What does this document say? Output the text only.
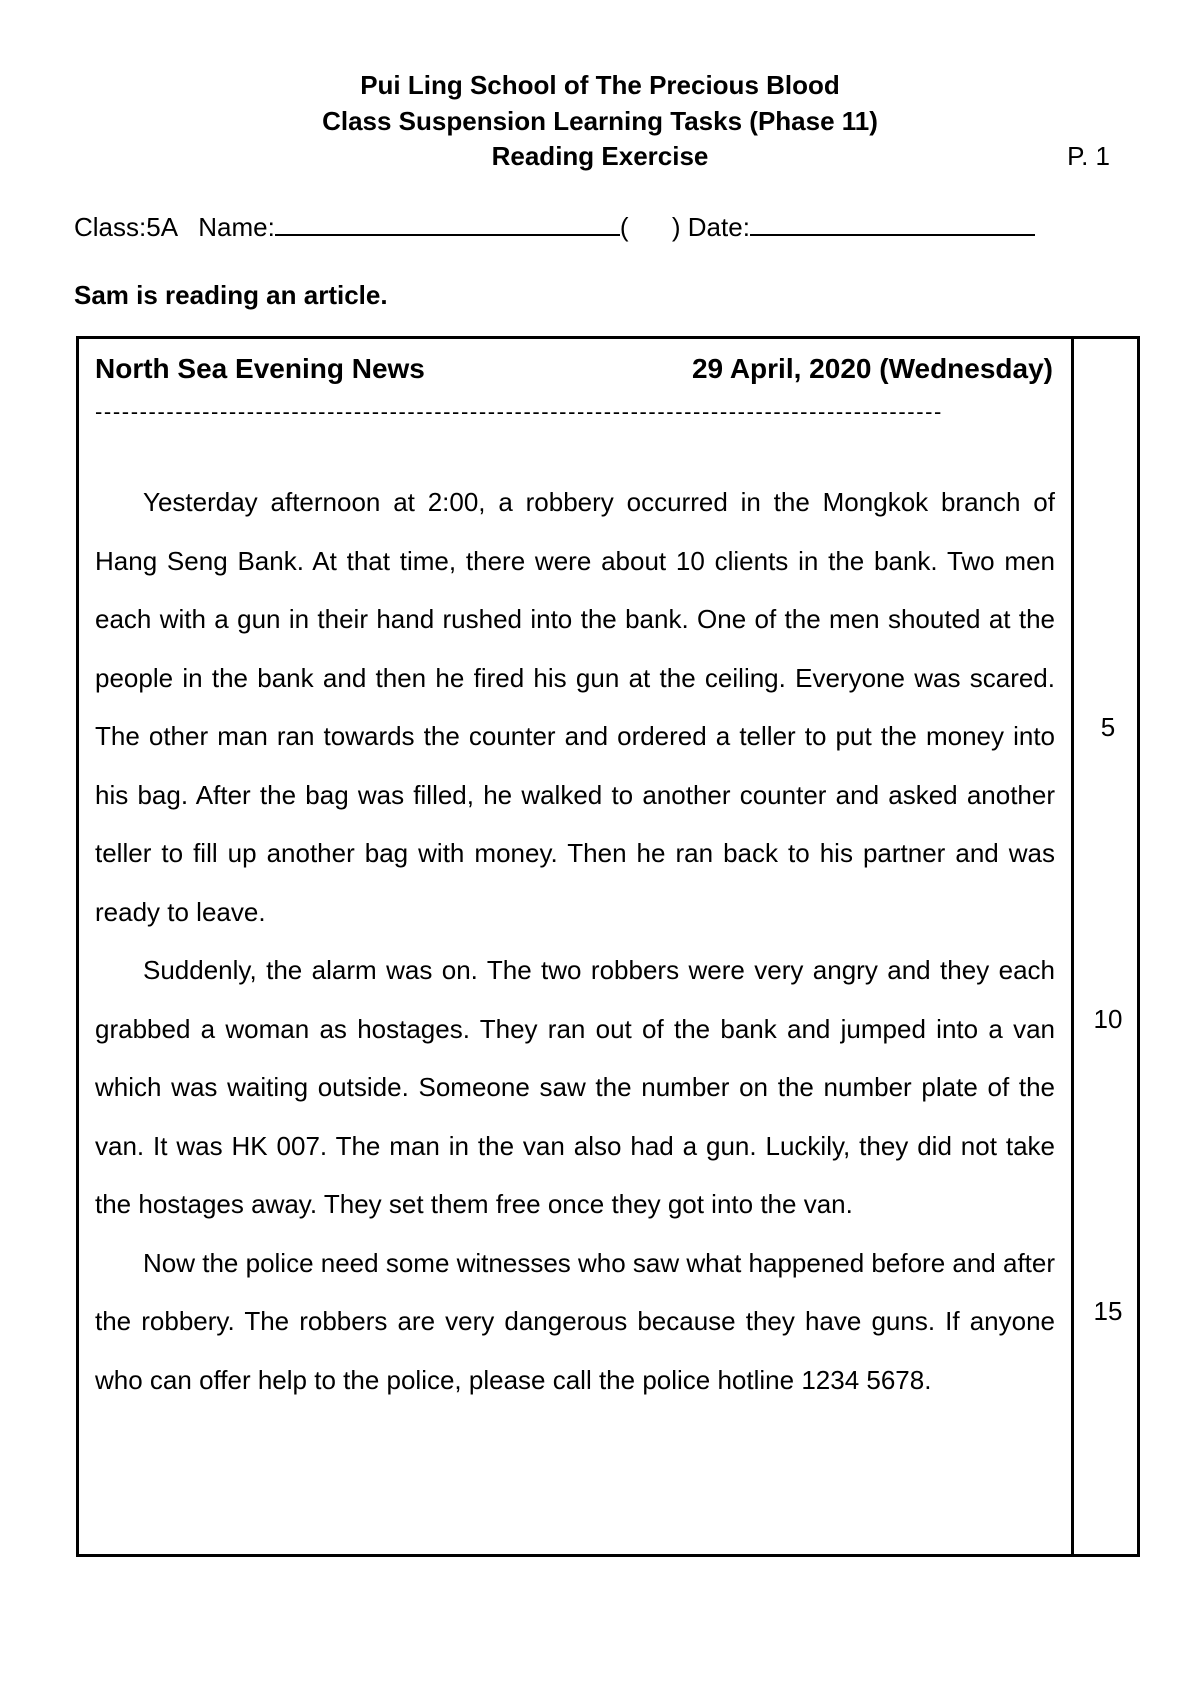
Pui Ling School of The Precious Blood
Class Suspension Learning Tasks (Phase 11)
Reading Exercise	P. 1
Class:5A Name:	( ) Date:
Sam is reading an article.
North Sea Evening News	29 April, 2020 (Wednesday)
-----------------------------------------------------------------------------------------------

Yesterday afternoon at 2:00, a robbery occurred in the Mongkok branch of Hang Seng Bank. At that time, there were about 10 clients in the bank. Two men each with a gun in their hand rushed into the bank. One of the men shouted at the people in the bank and then he fired his gun at the ceiling. Everyone was scared. The other man ran towards the counter and ordered a teller to put the money into his bag. After the bag was filled, he walked to another counter and asked another teller to fill up another bag with money. Then he ran back to his partner and was ready to leave.

Suddenly, the alarm was on. The two robbers were very angry and they each grabbed a woman as hostages. They ran out of the bank and jumped into a van which was waiting outside. Someone saw the number on the number plate of the van. It was HK 007. The man in the van also had a gun. Luckily, they did not take the hostages away. They set them free once they got into the van.

Now the police need some witnesses who saw what happened before and after the robbery. The robbers are very dangerous because they have guns. If anyone who can offer help to the police, please call the police hotline 1234 5678.

5
10
15
